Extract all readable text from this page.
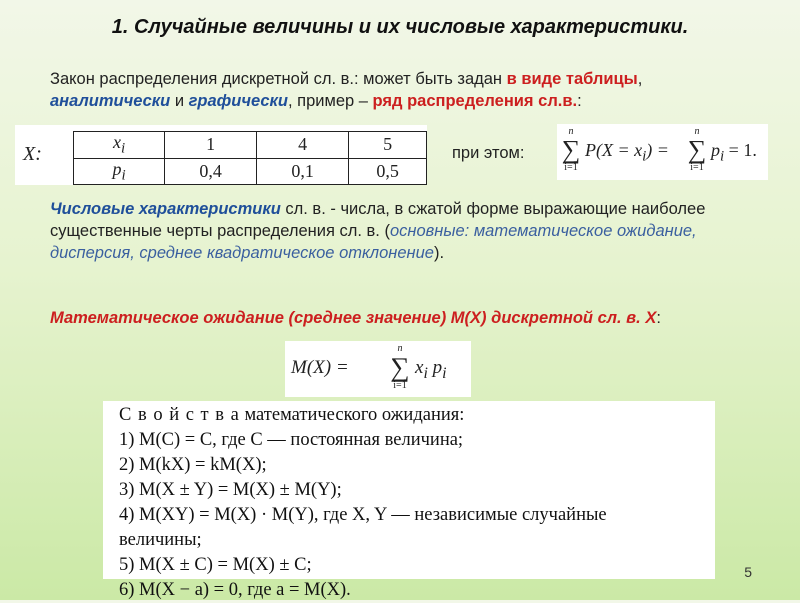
1. Случайные величины и их числовые характеристики.
Закон распределения дискретной сл. в.: может быть задан в виде таблицы,
аналитически и графически, пример – ряд распределения сл.в.:
X:
$x_i$	1	4	5
$p_i$	0,4	0,1	0,5
при этом:
n
∑
i=1
$P(X = x_i)$ =
n
∑
i=1
$p_i = 1$.
Числовые характеристики сл. в. - числа, в сжатой форме выражающие наиболее существенные черты распределения сл. в. (основные: математическое ожидание, дисперсия, среднее квадратическое отклонение).
Математическое ожидание (среднее значение) М(Х) дискретной сл. в. Х:
M(X) =
n
∑
i=1
$x_i$ $p_i$
С в о й с т в а математического ожидания:
1) M(C) = C, где C — постоянная величина;
2) M(kX) = kM(X);
3) M(X ± Y) = M(X) ± M(Y);
4) M(XY) = M(X) · M(Y), где X, Y — независимые случайные
величины;
5) M(X ± C) = M(X) ± C;
6) M(X − a) = 0, где a = M(X).
5
